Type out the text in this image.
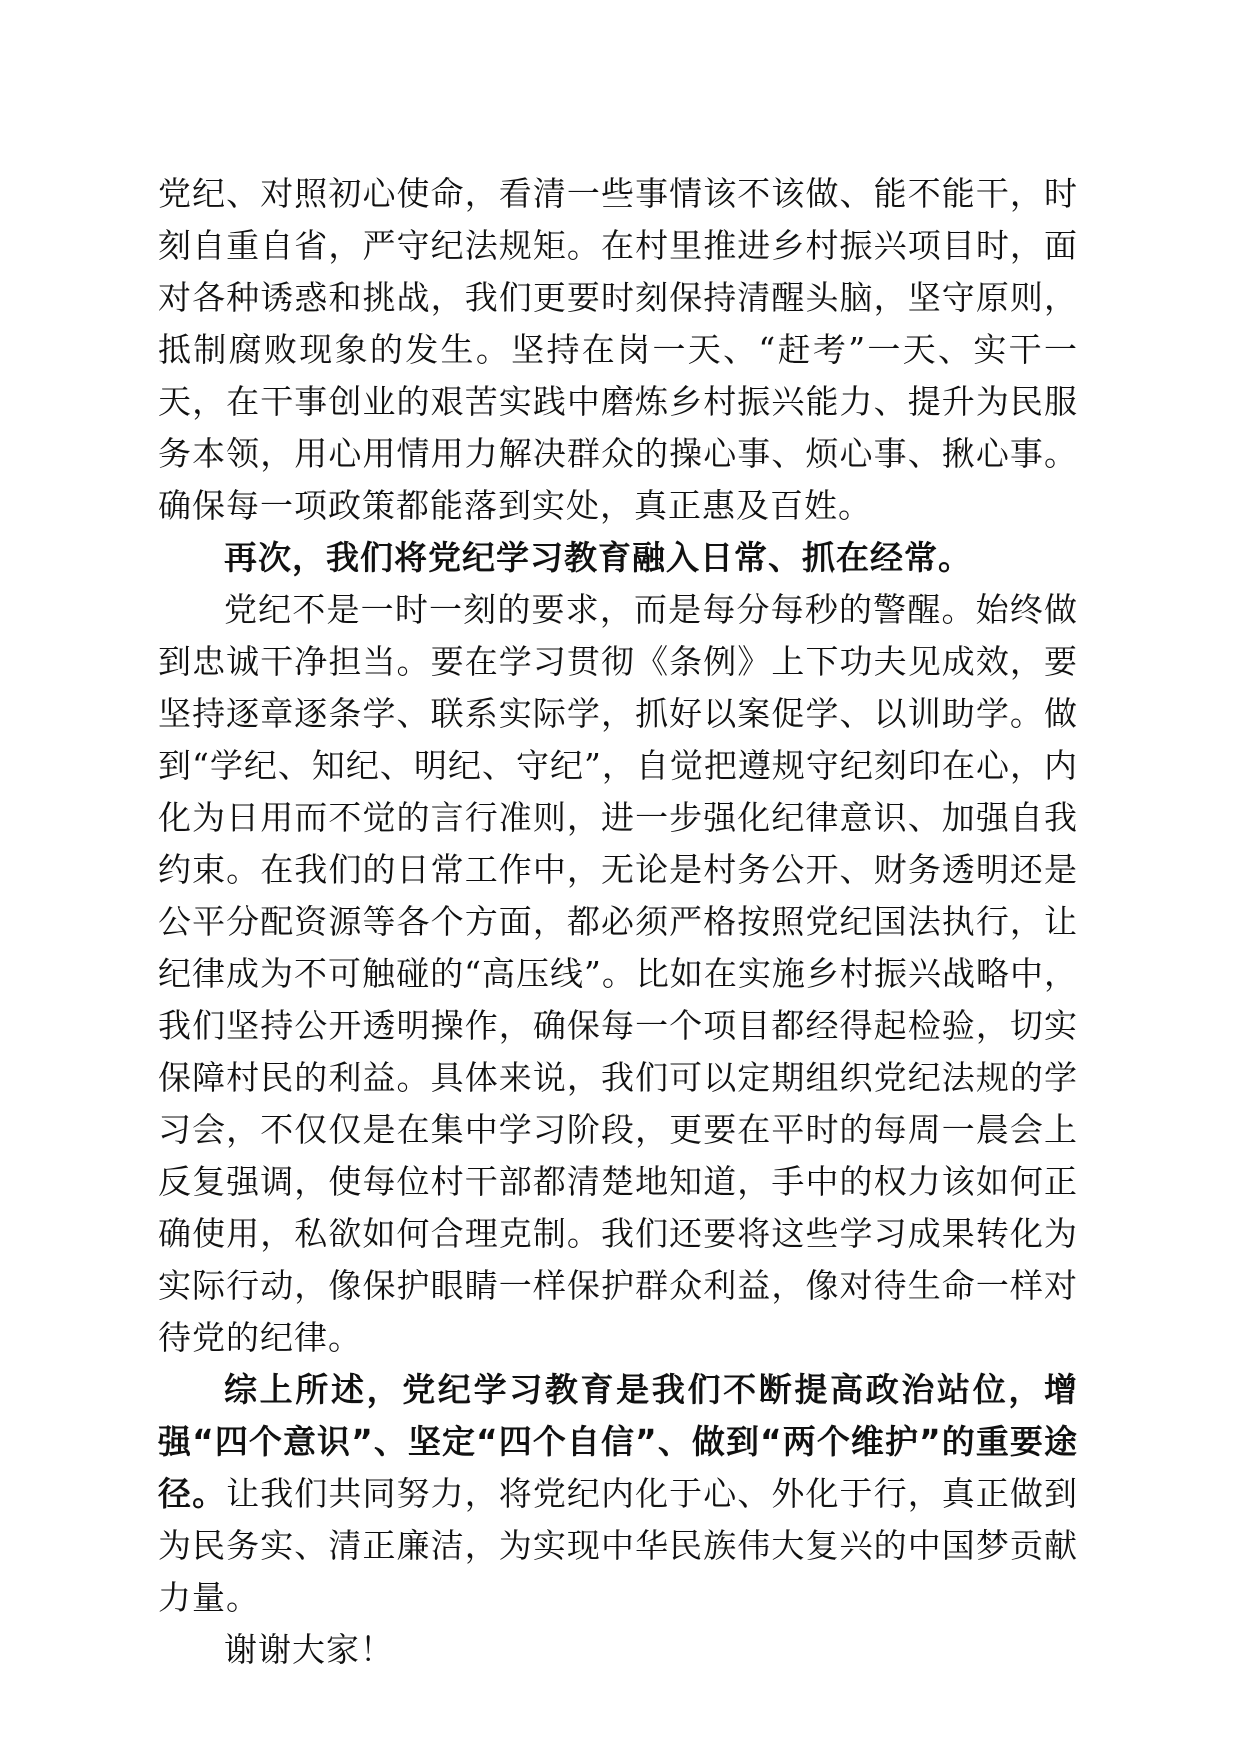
党纪、对照初心使命，看清一些事情该不该做、能不能干，时刻自重自省，严守纪法规矩。在村里推进乡村振兴项目时，面对各种诱惑和挑战，我们更要时刻保持清醒头脑，坚守原则，抵制腐败现象的发生。坚持在岗一天、“赶考”一天、实干一天，在干事创业的艰苦实践中磨炼乡村振兴能力、提升为民服务本领，用心用情用力解决群众的操心事、烦心事、揪心事。确保每一项政策都能落到实处，真正惠及百姓。

再次，我们将党纪学习教育融入日常、抓在经常。

党纪不是一时一刻的要求，而是每分每秒的警醒。始终做到忠诚干净担当。要在学习贯彻《条例》上下功夫见成效，要坚持逐章逐条学、联系实际学，抓好以案促学、以训助学。做到“学纪、知纪、明纪、守纪”，自觉把遵规守纪刻印在心，内化为日用而不觉的言行准则，进一步强化纪律意识、加强自我约束。在我们的日常工作中，无论是村务公开、财务透明还是公平分配资源等各个方面，都必须严格按照党纪国法执行，让纪律成为不可触碰的“高压线”。比如在实施乡村振兴战略中，我们坚持公开透明操作，确保每一个项目都经得起检验，切实保障村民的利益。具体来说，我们可以定期组织党纪法规的学习会，不仅仅是在集中学习阶段，更要在平时的每周一晨会上反复强调，使每位村干部都清楚地知道，手中的权力该如何正确使用，私欲如何合理克制。我们还要将这些学习成果转化为实际行动，像保护眼睛一样保护群众利益，像对待生命一样对待党的纪律。

综上所述，党纪学习教育是我们不断提高政治站位，增强“四个意识”、坚定“四个自信”、做到“两个维护”的重要途径。让我们共同努力，将党纪内化于心、外化于行，真正做到为民务实、清正廉洁，为实现中华民族伟大复兴的中国梦贡献力量。

谢谢大家！
